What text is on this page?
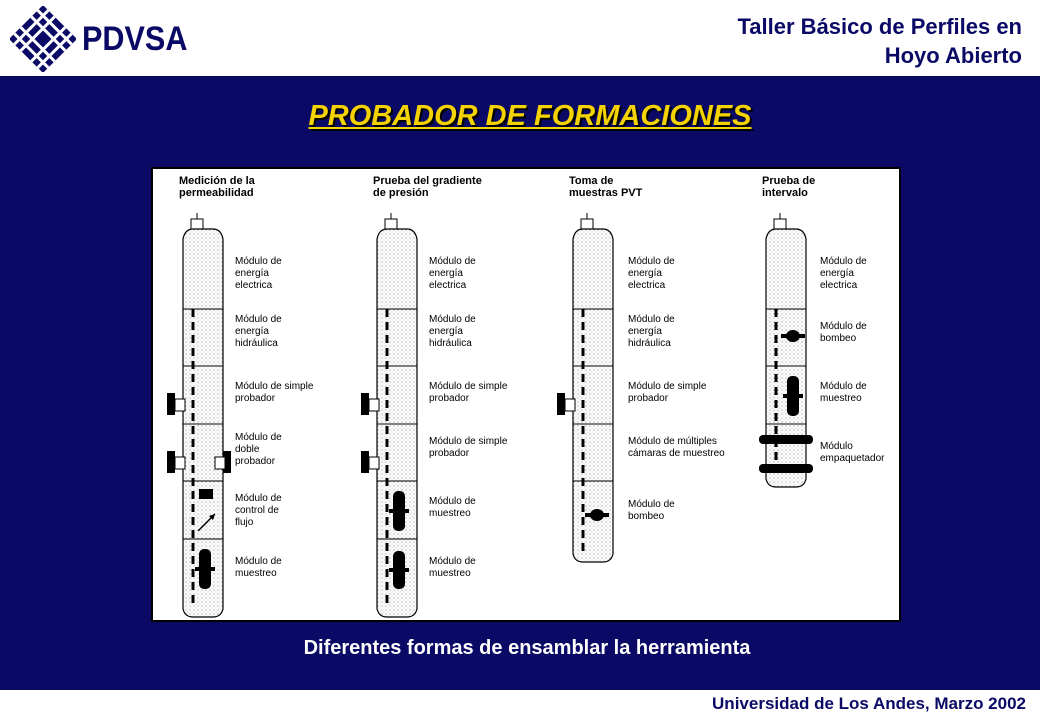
PDVSA	Taller Básico de Perfiles en
Hoyo Abierto
PROBADOR DE FORMACIONES
Medición de la
permeabilidad
Módulo de
energía
electrica
Módulo de
energía
hidráulica
Módulo de simple
probador
Módulo de
doble
probador
Módulo de
control de
flujo
Módulo de
muestreo
Prueba del gradiente
de presión
Módulo de
energía
electrica
Módulo de
energía
hidráulica
Módulo de simple
probador
Módulo de simple
probador
Módulo de
muestreo
Módulo de
muestreo
Toma de
muestras PVT
Módulo de
energía
electrica
Módulo de
energía
hidráulica
Módulo de simple
probador
Módulo de múltiples
cámaras de muestreo
Módulo de
bombeo
Prueba de
intervalo
Módulo de
energía
electrica
Módulo de
bombeo
Módulo de
muestreo
Módulo
empaquetador
Diferentes formas de ensamblar la herramienta
Universidad de Los Andes, Marzo 2002
